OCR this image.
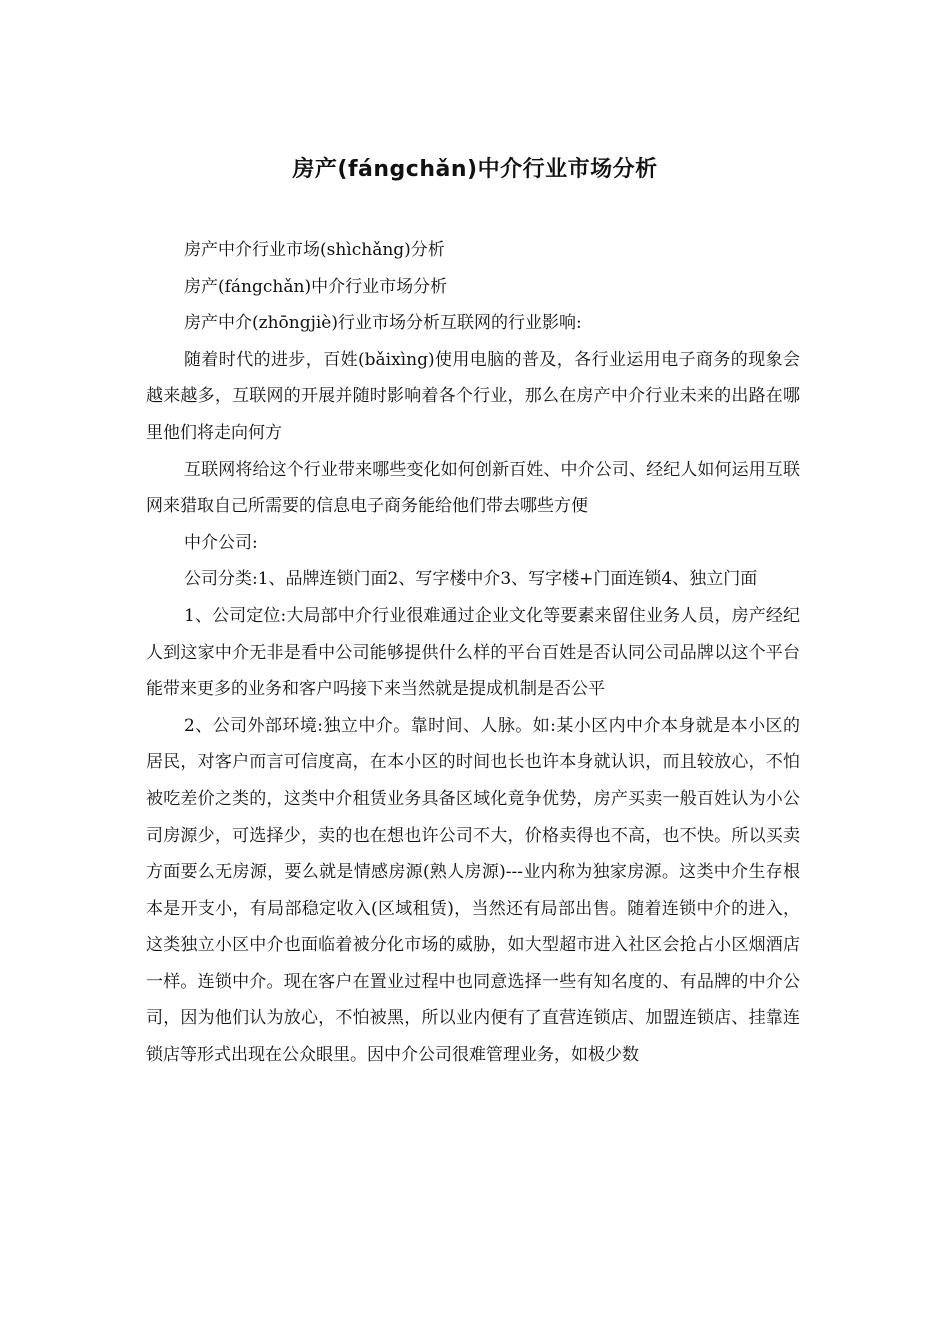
房产(fángchǎn)中介行业市场分析

房产中介行业市场(shìchǎng)分析

房产(fángchǎn)中介行业市场分析

房产中介(zhōngjiè)行业市场分析互联网的行业影响:

随着时代的进步，百姓(bǎixìng)使用电脑的普及，各行业运用电子商务的现象会越来越多，互联网的开展并随时影响着各个行业，那么在房产中介行业未来的出路在哪里他们将走向何方

互联网将给这个行业带来哪些变化如何创新百姓、中介公司、经纪人如何运用互联网来猎取自己所需要的信息电子商务能给他们带去哪些方便

中介公司:

公司分类:1、品牌连锁门面2、写字楼中介3、写字楼+门面连锁4、独立门面

1、公司定位:大局部中介行业很难通过企业文化等要素来留住业务人员，房产经纪人到这家中介无非是看中公司能够提供什么样的平台百姓是否认同公司品牌以这个平台能带来更多的业务和客户吗接下来当然就是提成机制是否公平

2、公司外部环境:独立中介。靠时间、人脉。如:某小区内中介本身就是本小区的居民，对客户而言可信度高，在本小区的时间也长也许本身就认识，而且较放心，不怕被吃差价之类的，这类中介租赁业务具备区域化竟争优势，房产买卖一般百姓认为小公司房源少，可选择少，卖的也在想也许公司不大，价格卖得也不高，也不快。所以买卖方面要么无房源，要么就是情感房源(熟人房源)---业内称为独家房源。这类中介生存根本是开支小，有局部稳定收入(区域租赁)，当然还有局部出售。随着连锁中介的进入，这类独立小区中介也面临着被分化市场的威胁，如大型超市进入社区会抢占小区烟酒店一样。连锁中介。现在客户在置业过程中也同意选择一些有知名度的、有品牌的中介公司，因为他们认为放心，不怕被黑，所以业内便有了直营连锁店、加盟连锁店、挂靠连锁店等形式出现在公众眼里。因中介公司很难管理业务，如极少数
